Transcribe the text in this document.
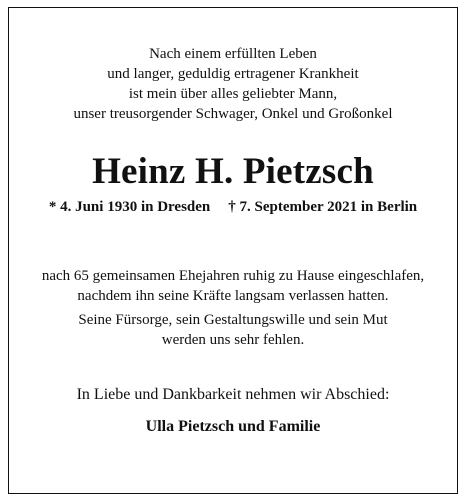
Nach einem erfüllten Leben
und langer, geduldig ertragener Krankheit
ist mein über alles geliebter Mann,
unser treusorgender Schwager, Onkel und Großonkel
Heinz H. Pietzsch
* 4. Juni 1930 in Dresden † 7. September 2021 in Berlin
nach 65 gemeinsamen Ehejahren ruhig zu Hause eingeschlafen,
nachdem ihn seine Kräfte langsam verlassen hatten.
Seine Fürsorge, sein Gestaltungswille und sein Mut
werden uns sehr fehlen.
In Liebe und Dankbarkeit nehmen wir Abschied:
Ulla Pietzsch und Familie
